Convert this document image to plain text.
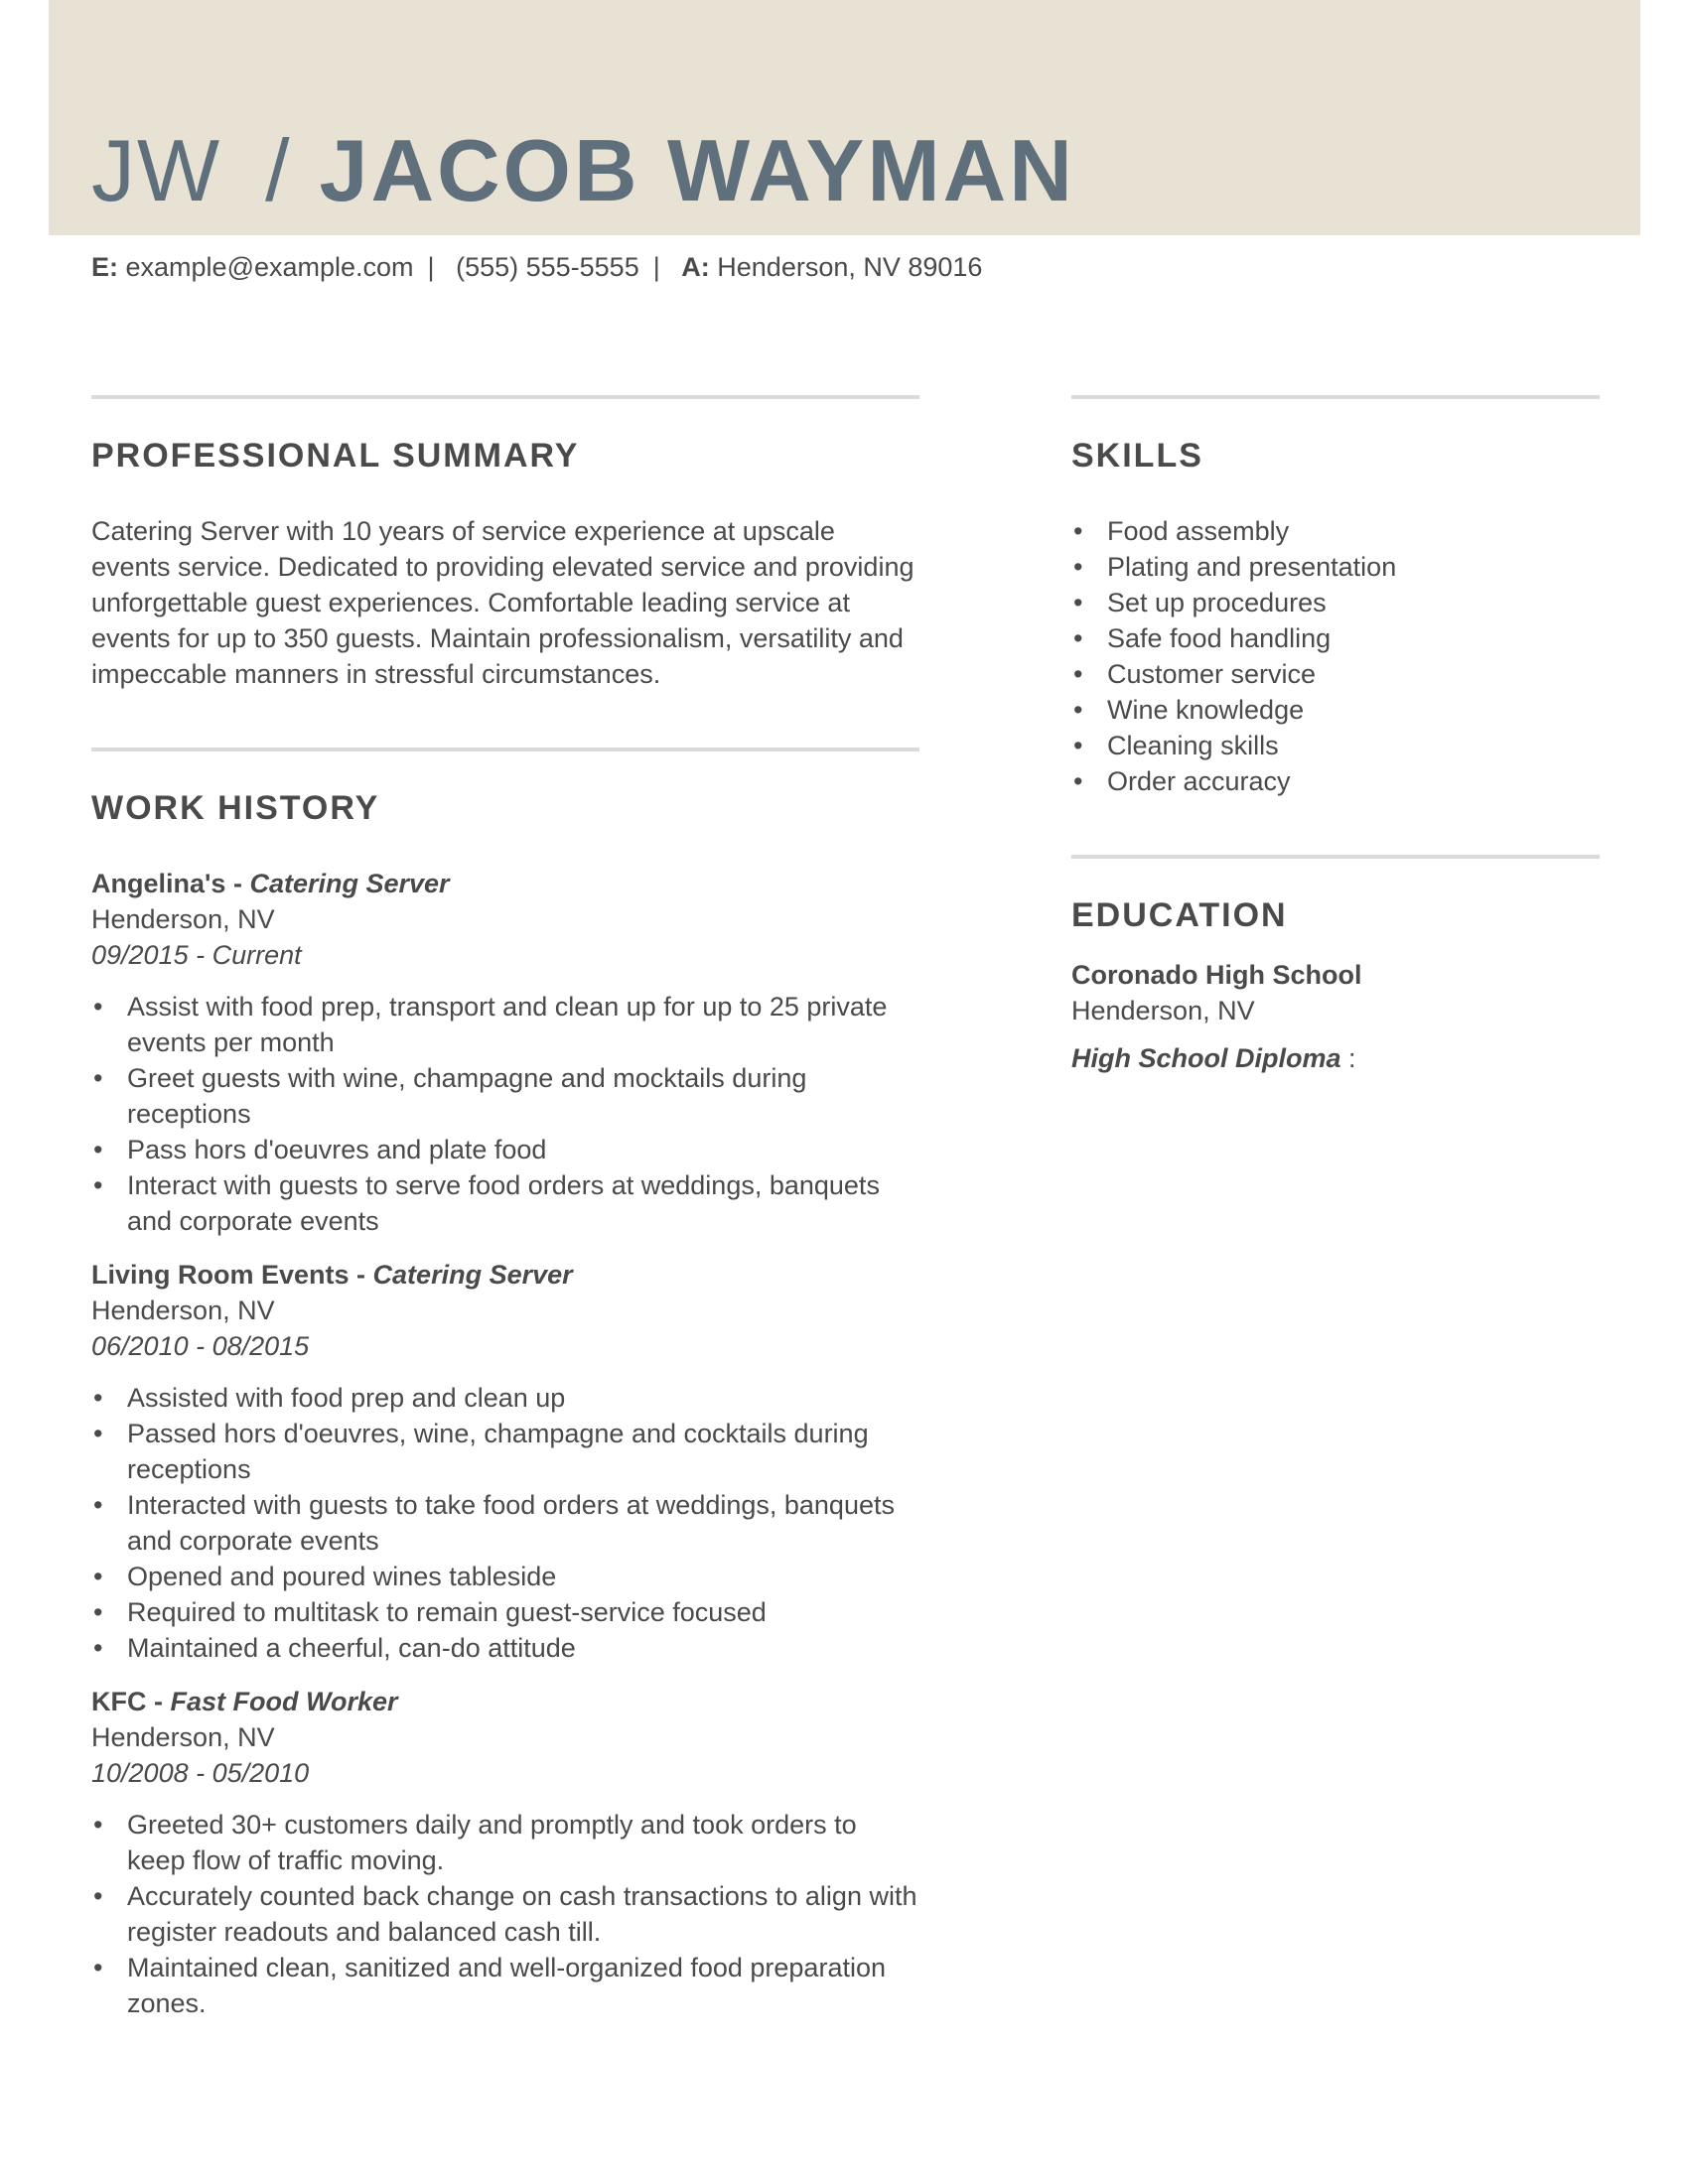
JW / JACOB WAYMAN
E: example@example.com | (555) 555-5555 | A: Henderson, NV 89016
PROFESSIONAL SUMMARY

Catering Server with 10 years of service experience at upscale events service. Dedicated to providing elevated service and providing unforgettable guest experiences. Comfortable leading service at events for up to 350 guests. Maintain professionalism, versatility and impeccable manners in stressful circumstances.

WORK HISTORY
Angelina's - Catering Server
Henderson, NV
09/2015 - Current
• Assist with food prep, transport and clean up for up to 25 private events per month
• Greet guests with wine, champagne and mocktails during receptions
• Pass hors d'oeuvres and plate food
• Interact with guests to serve food orders at weddings, banquets and corporate events
Living Room Events - Catering Server
Henderson, NV
06/2010 - 08/2015
• Assisted with food prep and clean up
• Passed hors d'oeuvres, wine, champagne and cocktails during receptions
• Interacted with guests to take food orders at weddings, banquets and corporate events
• Opened and poured wines tableside
• Required to multitask to remain guest-service focused
• Maintained a cheerful, can-do attitude
KFC - Fast Food Worker
Henderson, NV
10/2008 - 05/2010
• Greeted 30+ customers daily and promptly and took orders to keep flow of traffic moving.
• Accurately counted back change on cash transactions to align with register readouts and balanced cash till.
• Maintained clean, sanitized and well-organized food preparation zones.
SKILLS
• Food assembly
• Plating and presentation
• Set up procedures
• Safe food handling
• Customer service
• Wine knowledge
• Cleaning skills
• Order accuracy
EDUCATION
Coronado High School
Henderson, NV
High School Diploma :
